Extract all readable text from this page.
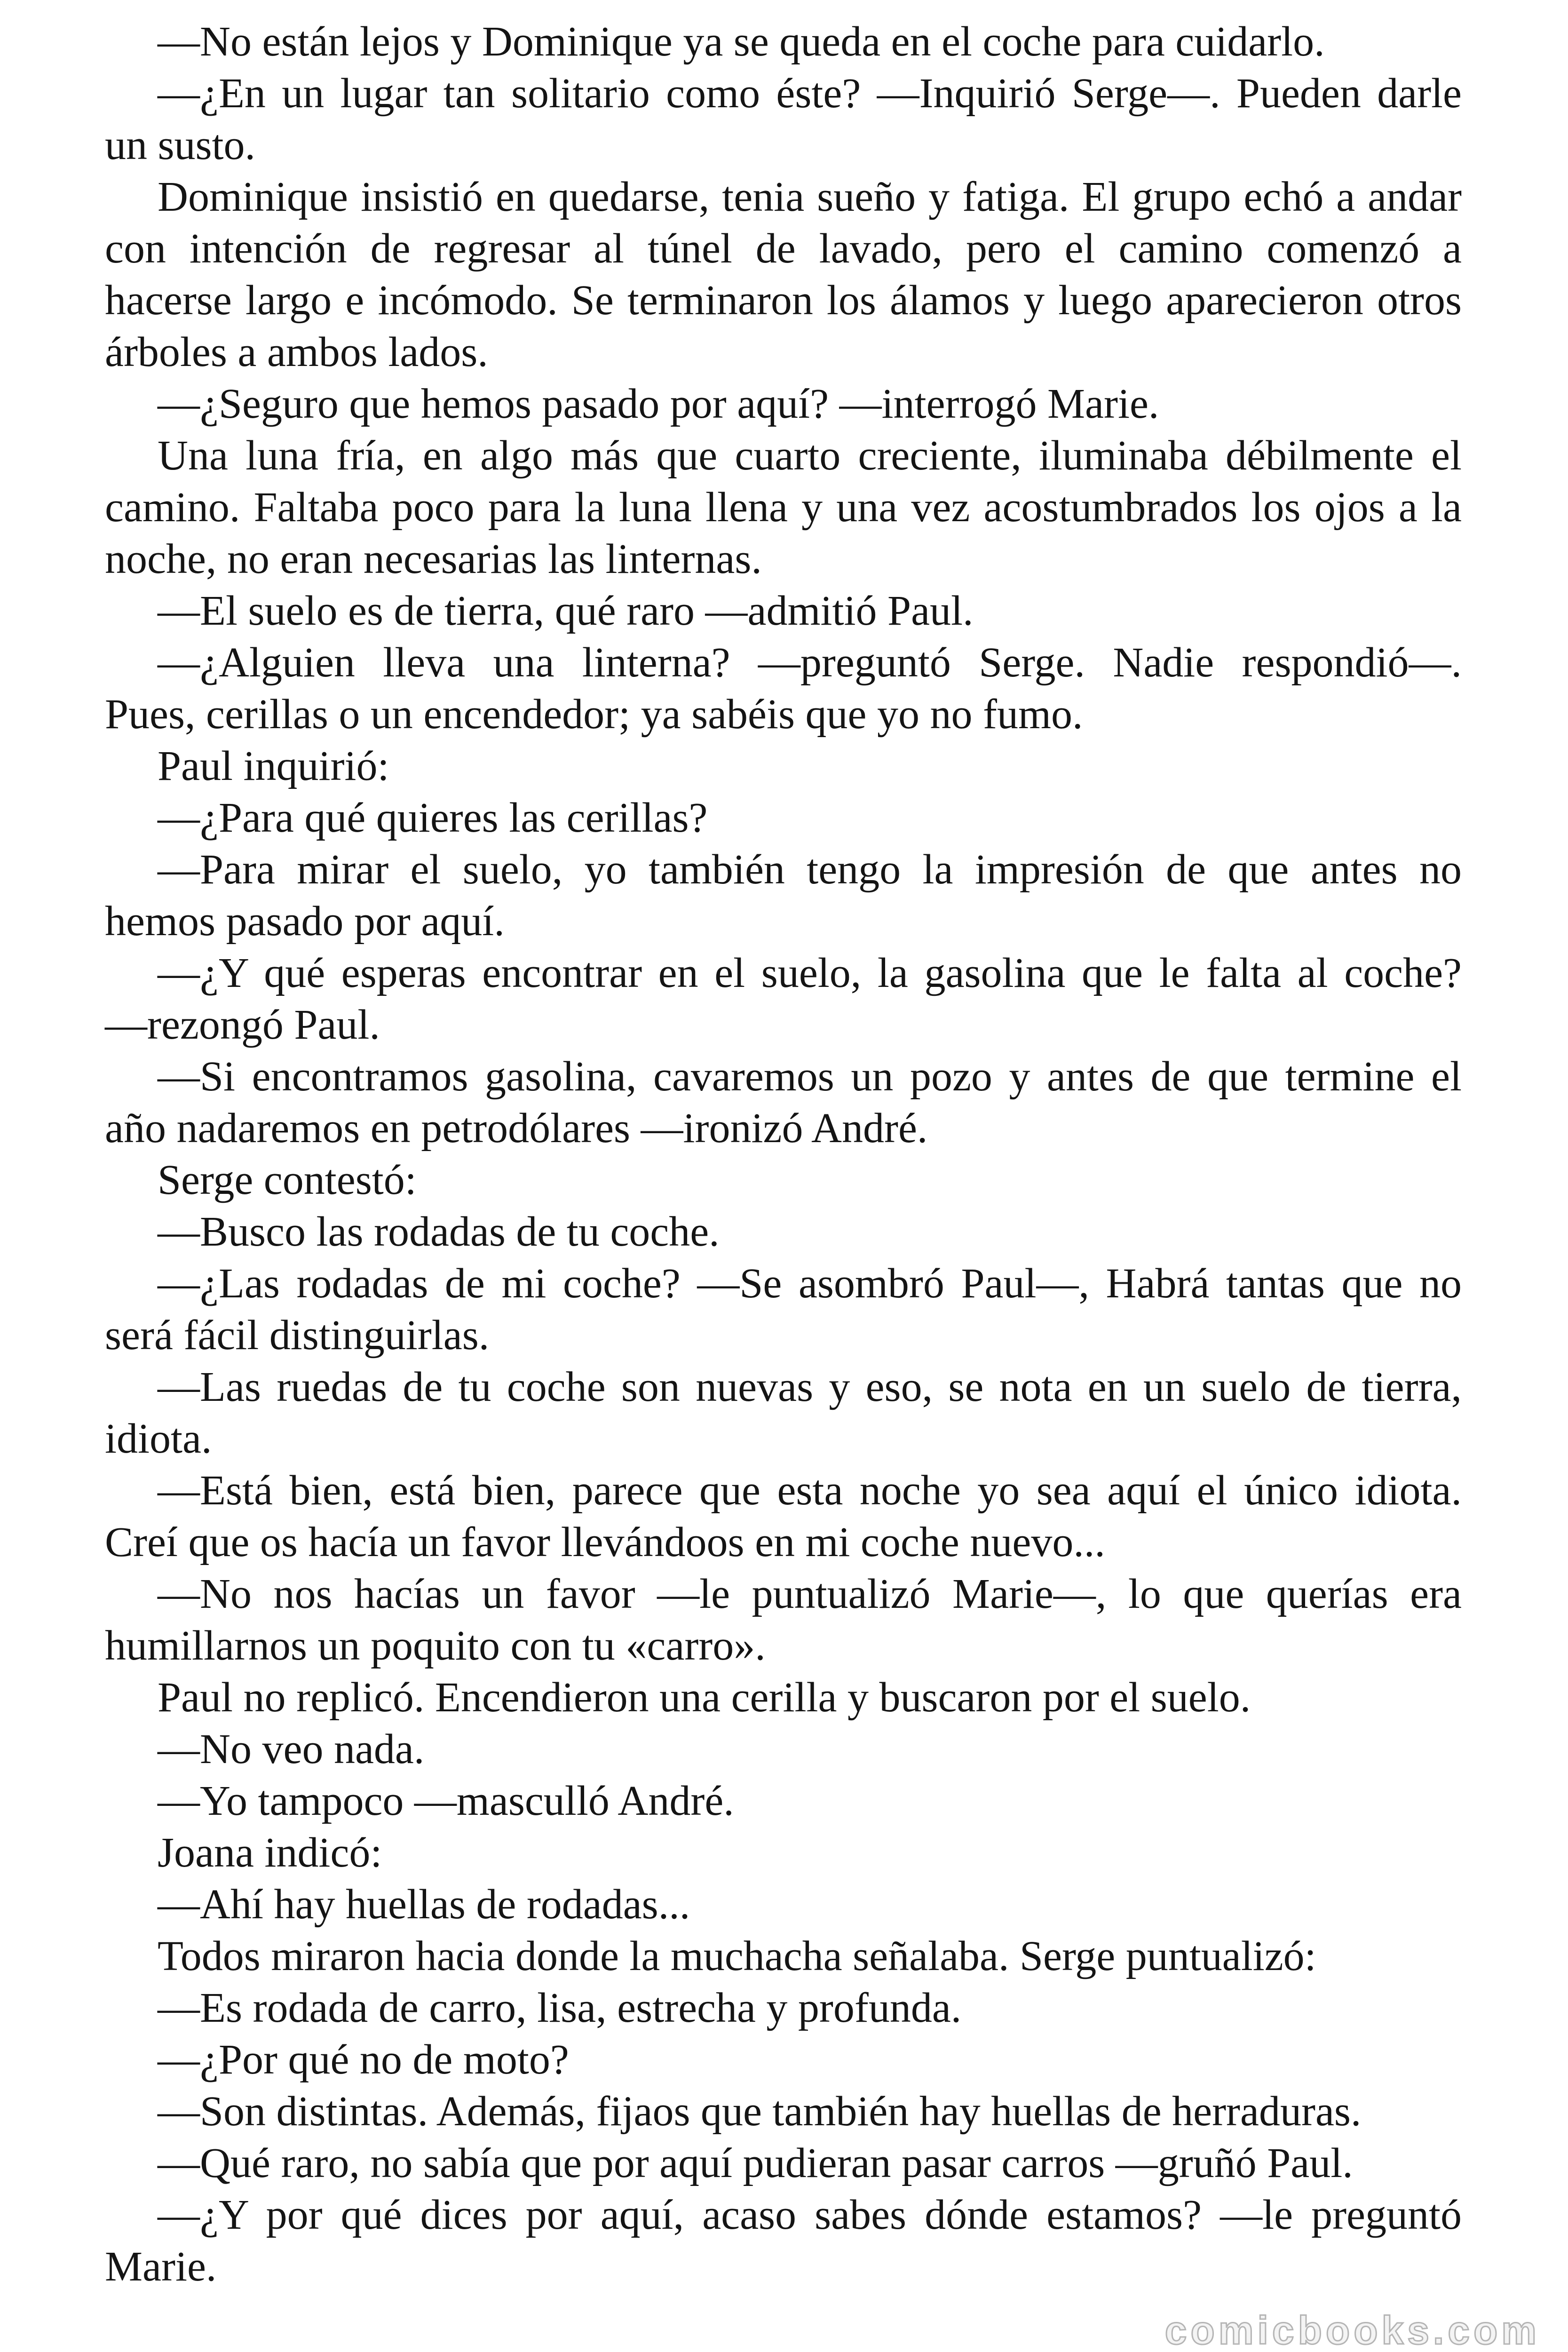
—No están lejos y Dominique ya se queda en el coche para cuidarlo.
—¿En un lugar tan solitario como éste? —Inquirió Serge—. Pueden darle
un susto.
Dominique insistió en quedarse, tenia sueño y fatiga. El grupo echó a andar
con intención de regresar al túnel de lavado, pero el camino comenzó a
hacerse largo e incómodo. Se terminaron los álamos y luego aparecieron otros
árboles a ambos lados.
—¿Seguro que hemos pasado por aquí? —interrogó Marie.
Una luna fría, en algo más que cuarto creciente, iluminaba débilmente el
camino. Faltaba poco para la luna llena y una vez acostumbrados los ojos a la
noche, no eran necesarias las linternas.
—El suelo es de tierra, qué raro —admitió Paul.
—¿Alguien lleva una linterna? —preguntó Serge. Nadie respondió—.
Pues, cerillas o un encendedor; ya sabéis que yo no fumo.
Paul inquirió:
—¿Para qué quieres las cerillas?
—Para mirar el suelo, yo también tengo la impresión de que antes no
hemos pasado por aquí.
—¿Y qué esperas encontrar en el suelo, la gasolina que le falta al coche?
—rezongó Paul.
—Si encontramos gasolina, cavaremos un pozo y antes de que termine el
año nadaremos en petrodólares —ironizó André.
Serge contestó:
—Busco las rodadas de tu coche.
—¿Las rodadas de mi coche? —Se asombró Paul—, Habrá tantas que no
será fácil distinguirlas.
—Las ruedas de tu coche son nuevas y eso, se nota en un suelo de tierra,
idiota.
—Está bien, está bien, parece que esta noche yo sea aquí el único idiota.
Creí que os hacía un favor llevándoos en mi coche nuevo...
—No nos hacías un favor —le puntualizó Marie—, lo que querías era
humillarnos un poquito con tu «carro».
Paul no replicó. Encendieron una cerilla y buscaron por el suelo.
—No veo nada.
—Yo tampoco —masculló André.
Joana indicó:
—Ahí hay huellas de rodadas...
Todos miraron hacia donde la muchacha señalaba. Serge puntualizó:
—Es rodada de carro, lisa, estrecha y profunda.
—¿Por qué no de moto?
—Son distintas. Además, fijaos que también hay huellas de herraduras.
—Qué raro, no sabía que por aquí pudieran pasar carros —gruñó Paul.
—¿Y por qué dices por aquí, acaso sabes dónde estamos? —le preguntó
Marie.
comicbooks.com
